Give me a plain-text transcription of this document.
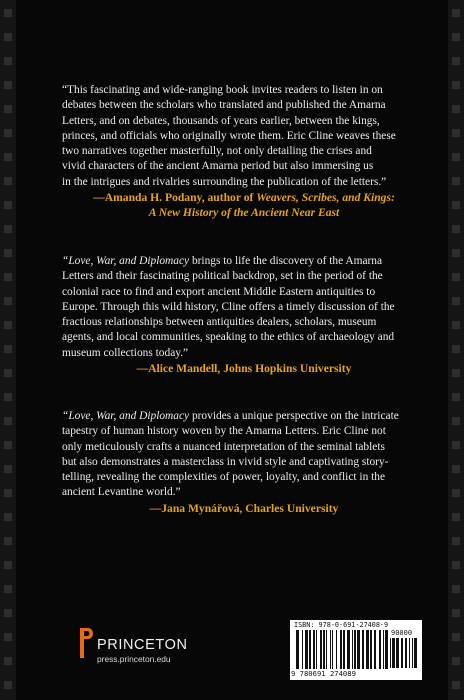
“This fascinating and wide-ranging book invites readers to listen in on
debates between the scholars who translated and published the Amarna
Letters, and on debates, thousands of years earlier, between the kings,
princes, and officials who originally wrote them. Eric Cline weaves these
two narratives together masterfully, not only detailing the crises and
vivid characters of the ancient Amarna period but also immersing us
in the intrigues and rivalries surrounding the publication of the letters.”
—Amanda H. Podany, author of Weavers, Scribes, and Kings:
A New History of the Ancient Near East
“Love, War, and Diplomacy brings to life the discovery of the Amarna
Letters and their fascinating political backdrop, set in the period of the
colonial race to find and export ancient Middle Eastern antiquities to
Europe. Through this wild history, Cline offers a timely discussion of the
fractious relationships between antiquities dealers, scholars, museum
agents, and local communities, speaking to the ethics of archaeology and
museum collections today.”
—Alice Mandell, Johns Hopkins University
“Love, War, and Diplomacy provides a unique perspective on the intricate
tapestry of human history woven by the Amarna Letters. Eric Cline not
only meticulously crafts a nuanced interpretation of the seminal tablets
but also demonstrates a masterclass in vivid style and captivating story-
telling, revealing the complexities of power, loyalty, and conflict in the
ancient Levantine world.”
—Jana Mynářová, Charles University
PRINCETON
press.princeton.edu
ISBN: 978-0-691-27408-9
90000
9 780691 274089
